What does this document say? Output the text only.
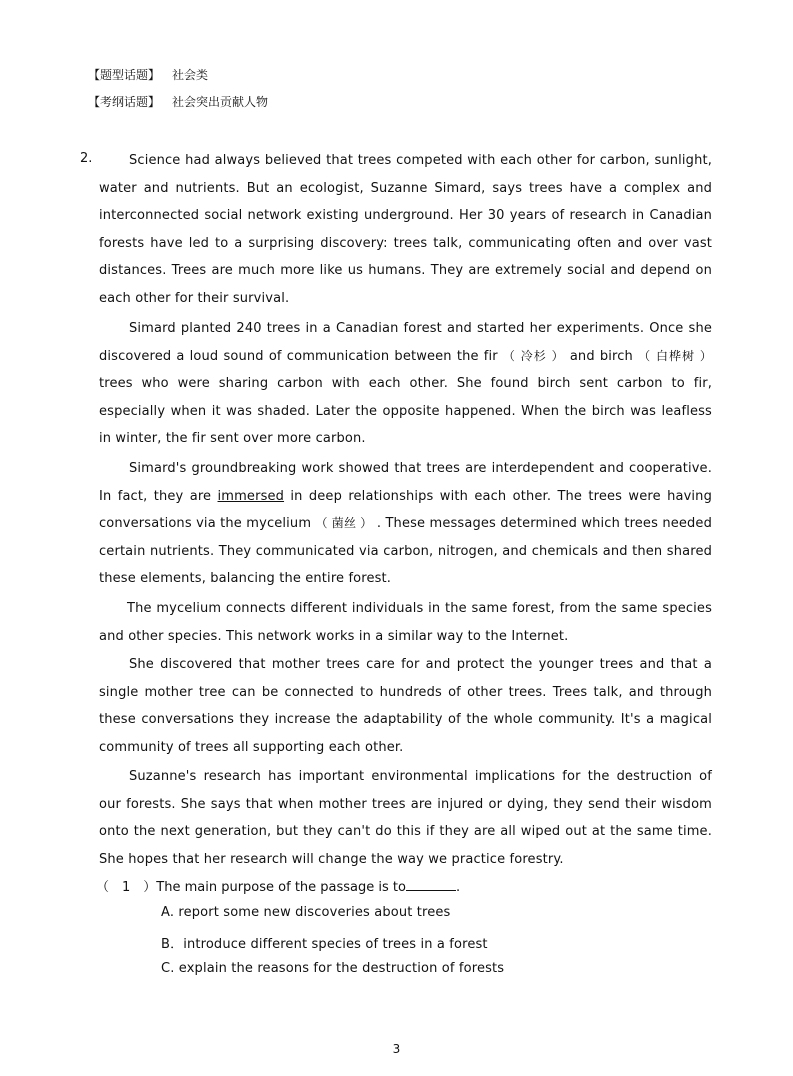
【题型话题】 社会类
【考纲话题】 社会突出贡献人物
2.	Science had always believed that trees competed with each other for carbon, sunlight, water and nutrients. But an ecologist, Suzanne Simard, says trees have a complex and interconnected social network existing underground. Her 30 years of research in Canadian forests have led to a surprising discovery: trees talk, communicating often and over vast distances. Trees are much more like us humans. They are extremely social and depend on each other for their survival.

Simard planted 240 trees in a Canadian forest and started her experiments. Once she discovered a loud sound of communication between the fir （ 冷杉 ） and birch （ 白桦树 ） trees who were sharing carbon with each other. She found birch sent carbon to fir, especially when it was shaded. Later the opposite happened. When the birch was leafless in winter, the fir sent over more carbon.

Simard's groundbreaking work showed that trees are interdependent and cooperative. In fact, they are immersed in deep relationships with each other. The trees were having conversations via the mycelium （ 菌丝 ） . These messages determined which trees needed certain nutrients. They communicated via carbon, nitrogen, and chemicals and then shared these elements, balancing the entire forest.

The mycelium connects different individuals in the same forest, from the same species and other species. This network works in a similar way to the Internet.

She discovered that mother trees care for and protect the younger trees and that a single mother tree can be connected to hundreds of other trees. Trees talk, and through these conversations they increase the adaptability of the whole community. It's a magical community of trees all supporting each other.

Suzanne's research has important environmental implications for the destruction of our forests. She says that when mother trees are injured or dying, they send their wisdom onto the next generation, but they can't do this if they are all wiped out at the same time. She hopes that her research will change the way we practice forestry.

（　1　）The main purpose of the passage is to	.
A. report some new discoveries about trees
B．introduce different species of trees in a forest
C. explain the reasons for the destruction of forests
3
